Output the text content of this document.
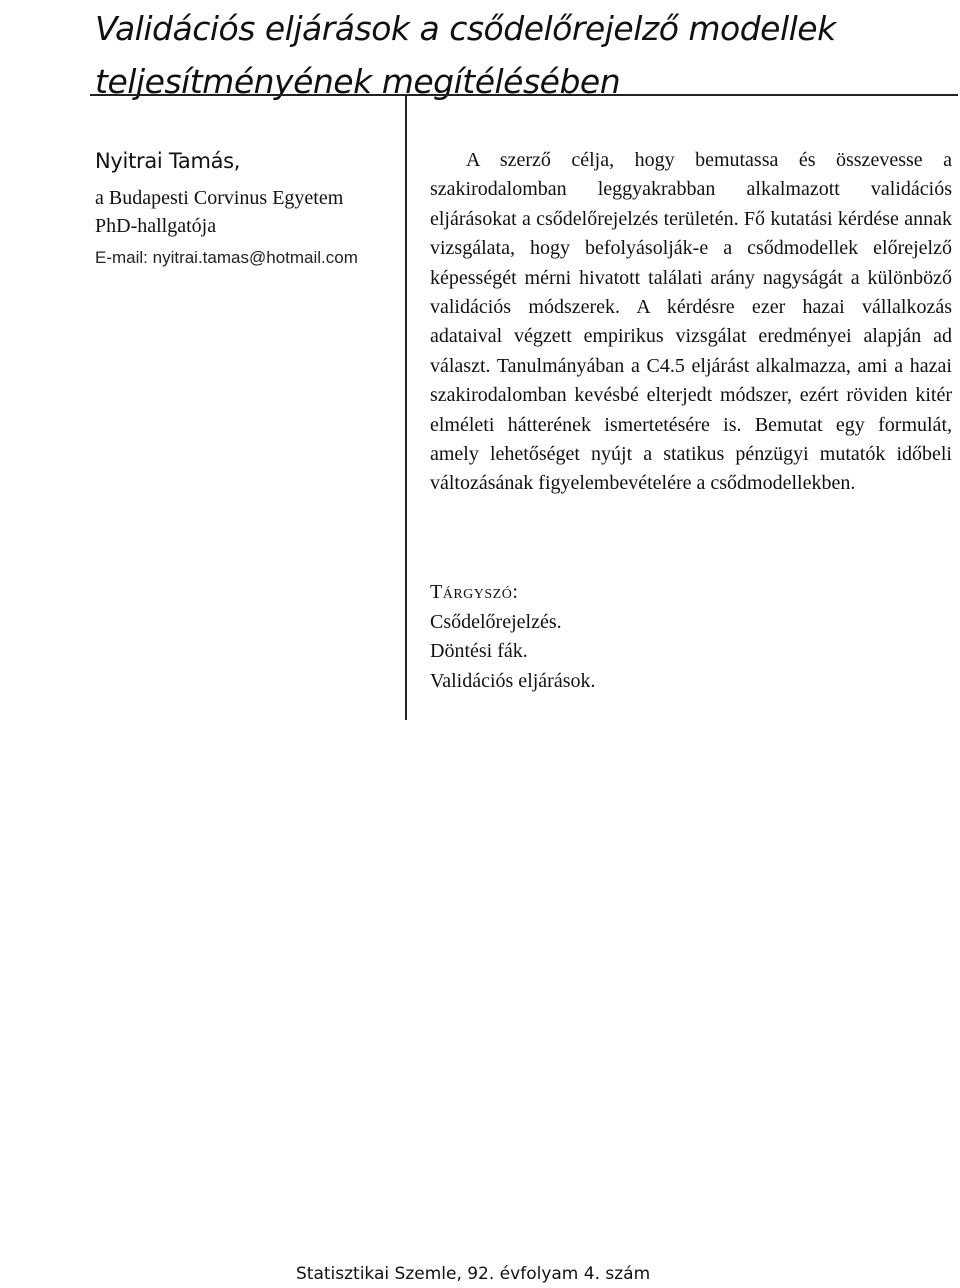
Validációs eljárások a csődelőrejelző modellek
teljesítményének megítélésében
Nyitrai Tamás,
a Budapesti Corvinus Egyetem
PhD-hallgatója
E-mail: nyitrai.tamas@hotmail.com
A szerző célja, hogy bemutassa és összevesse a szakirodalomban leggyakrabban alkalmazott validációs eljárásokat a csődelőrejelzés területén. Fő kutatási kérdése annak vizsgálata, hogy befolyásolják-e a csődmodellek előrejelző képességét mérni hivatott találati arány nagyságát a különböző validációs módszerek. A kérdésre ezer hazai vállalkozás adataival végzett empirikus vizsgálat eredményei alapján ad választ. Tanulmányában a C4.5 eljárást alkalmazza, ami a hazai szakirodalomban kevésbé elterjedt módszer, ezért röviden kitér elméleti hátterének ismertetésére is. Bemutat egy formulát, amely lehetőséget nyújt a statikus pénzügyi mutatók időbeli változásának figyelembevételére a csődmodellekben.
Tárgyszó:
Csődelőrejelzés.
Döntési fák.
Validációs eljárások.
Statisztikai Szemle, 92. évfolyam 4. szám
